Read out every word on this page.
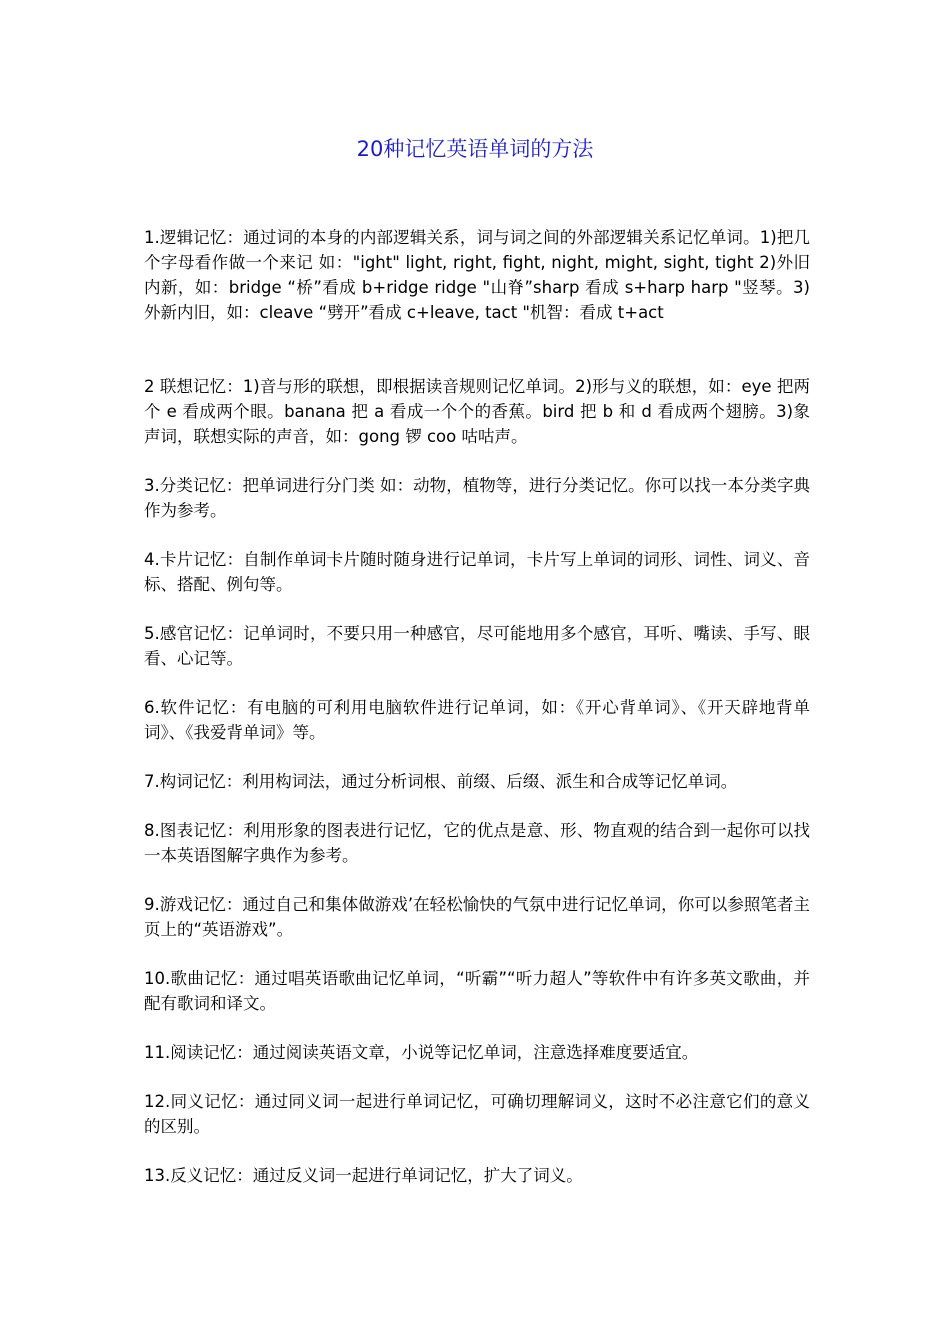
20种记忆英语单词的方法

1.逻辑记忆：通过词的本身的内部逻辑关系，词与词之间的外部逻辑关系记忆单词。1)把几个字母看作做一个来记 如："ight" light, right, fight, night, might, sight, tight 2)外旧内新，如：bridge “桥”看成 b+ridge ridge "山脊”sharp 看成 s+harp harp "竖琴。3)外新内旧，如：cleave “劈开”看成 c+leave, tact "机智：看成 t+act

2 联想记忆：1)音与形的联想，即根据读音规则记忆单词。2)形与义的联想，如：eye 把两个 e 看成两个眼。banana 把 a 看成一个个的香蕉。bird 把 b 和 d 看成两个翅膀。3)象声词，联想实际的声音，如：gong 锣 coo 咕咕声。

3.分类记忆：把单词进行分门类 如：动物，植物等，进行分类记忆。你可以找一本分类字典作为参考。

4.卡片记忆：自制作单词卡片随时随身进行记单词，卡片写上单词的词形、词性、词义、音标、搭配、例句等。

5.感官记忆：记单词时，不要只用一种感官，尽可能地用多个感官，耳听、嘴读、手写、眼看、心记等。

6.软件记忆：有电脑的可利用电脑软件进行记单词，如：《开心背单词》、《开天辟地背单词》、《我爱背单词》等。

7.构词记忆：利用构词法，通过分析词根、前缀、后缀、派生和合成等记忆单词。

8.图表记忆：利用形象的图表进行记忆，它的优点是意、形、物直观的结合到一起你可以找一本英语图解字典作为参考。

9.游戏记忆：通过自己和集体做游戏’在轻松愉快的气氛中进行记忆单词，你可以参照笔者主页上的“英语游戏”。

10.歌曲记忆：通过唱英语歌曲记忆单词，“听霸”“听力超人”等软件中有许多英文歌曲，并配有歌词和译文。

11.阅读记忆：通过阅读英语文章，小说等记忆单词，注意选择难度要适宜。

12.同义记忆：通过同义词一起进行单词记忆，可确切理解词义，这时不必注意它们的意义的区别。

13.反义记忆：通过反义词一起进行单词记忆，扩大了词义。
